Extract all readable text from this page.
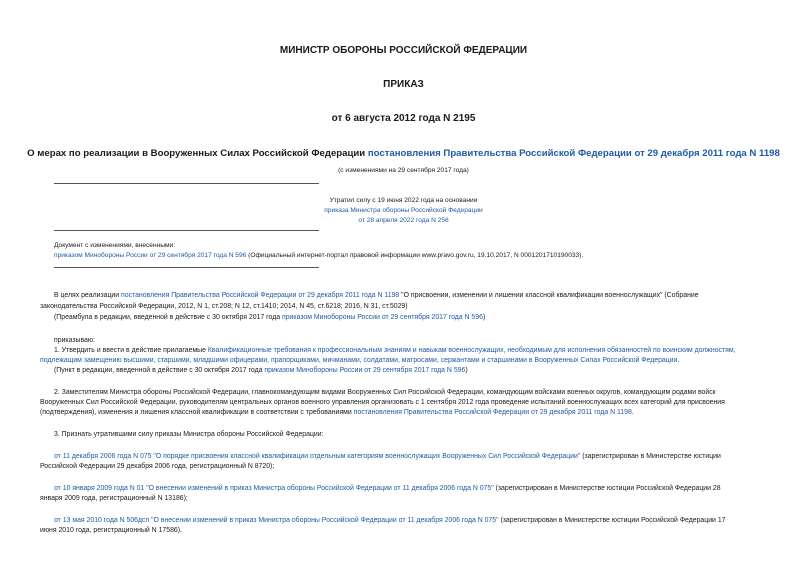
МИНИСТР ОБОРОНЫ РОССИЙСКОЙ ФЕДЕРАЦИИ
ПРИКАЗ
от 6 августа 2012 года N 2195
О мерах по реализации в Вооруженных Силах Российской Федерации постановления Правительства Российской Федерации от 29 декабря 2011 года N 1198
(с изменениями на 29 сентября 2017 года)
Утратил силу с 19 июня 2022 года на основании
приказа Министра обороны Российской Федерации
от 28 апреля 2022 года N 256
Документ с изменениями, внесенными:
приказом Минобороны России от 29 сентября 2017 года N 596 (Официальный интернет-портал правовой информации www.pravo.gov.ru, 19.10.2017, N 0001201710190033).
В целях реализации постановления Правительства Российской Федерации от 29 декабря 2011 года N 1198 "О присвоении, изменении и лишении классной квалификации военнослужащих" (Собрание
законодательства Российской Федерации, 2012, N 1, ст.208; N 12, ст.1410; 2014, N 45, ст.6218; 2016, N 31, ст.5029)
(Преамбула в редакции, введенной в действие с 30 октября 2017 года приказом Минобороны России от 29 сентября 2017 года N 596)
приказываю:
1. Утвердить и ввести в действие прилагаемые Квалификационные требования к профессиональным знаниям и навыкам военнослужащих, необходимым для исполнения обязанностей по воинским должностям,
подлежащим замещению высшими, старшими, младшими офицерами, прапорщиками, мичманами, солдатами, матросами, сержантами и старшинами в Вооруженных Силах Российской Федерации.
(Пункт в редакции, введенной в действие с 30 октября 2017 года приказом Минобороны России от 29 сентября 2017 года N 596)
2. Заместителям Министра обороны Российской Федерации, главнокомандующим видами Вооруженных Сил Российской Федерации, командующим войсками военных округов, командующим родами войск
Вооруженных Сил Российской Федерации, руководителям центральных органов военного управления организовать с 1 сентября 2012 года проведение испытаний военнослужащих всех категорий для присвоения
(подтверждения), изменения и лишения классной квалификации в соответствии с требованиями постановления Правительства Российской Федерации от 29 декабря 2011 года N 1198.
3. Признать утратившими силу приказы Министра обороны Российской Федерации:
от 11 декабря 2006 года N 075 "О порядке присвоения классной квалификации отдельным категориям военнослужащих Вооруженных Сил Российской Федерации" (зарегистрирован в Министерстве юстиции
Российской Федерации 29 декабря 2006 года, регистрационный N 8720);
от 10 января 2009 года N 01 "О внесении изменений в приказ Министра обороны Российской Федерации от 11 декабря 2006 года N 075" (зарегистрирован в Министерстве юстиции Российской Федерации 28
января 2009 года, регистрационный N 13186);
от 13 мая 2010 года N 506дсп "О внесении изменений в приказ Министра обороны Российской Федерации от 11 декабря 2006 года N 075" (зарегистрирован в Министерстве юстиции Российской Федерации 17
июня 2010 года, регистрационный N 17586).
